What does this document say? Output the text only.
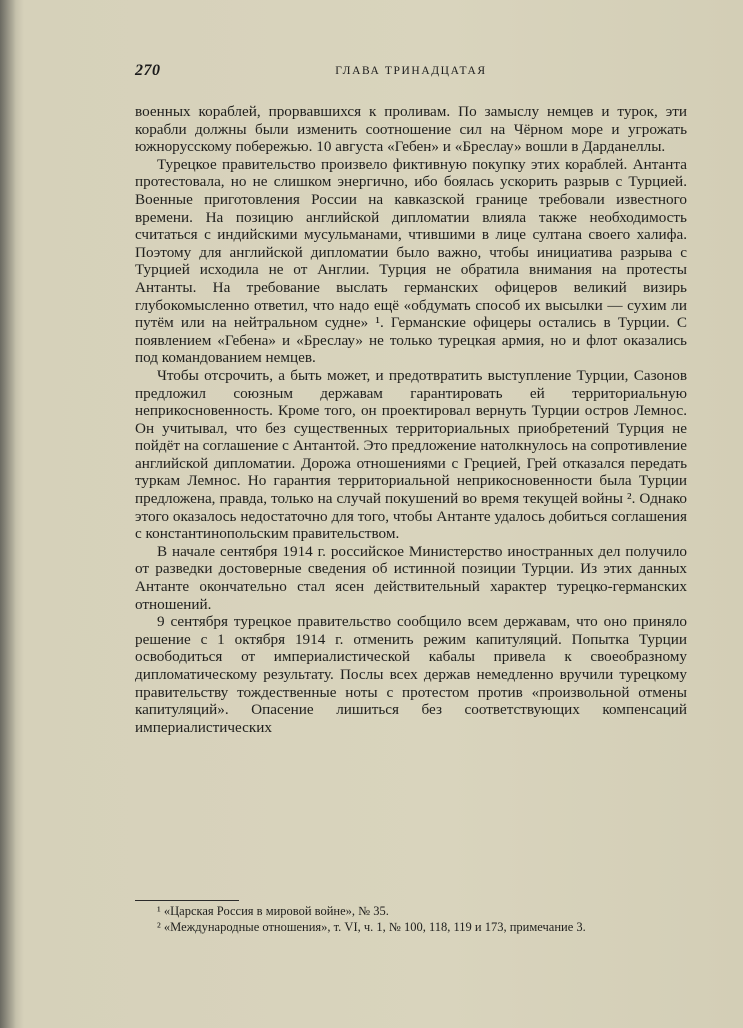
270	ГЛАВА ТРИНАДЦАТАЯ

военных кораблей, прорвавшихся к проливам. По замыслу немцев и турок, эти корабли должны были изменить соотношение сил на Чёрном море и угрожать южнорусскому побережью. 10 августа «Гебен» и «Бреслау» вошли в Дарданеллы.

Турецкое правительство произвело фиктивную покупку этих кораблей. Антанта протестовала, но не слишком энергично, ибо боялась ускорить разрыв с Турцией. Военные приготовления России на кавказской границе требовали известного времени. На позицию английской дипломатии влияла также необходимость считаться с индийскими мусульманами, чтившими в лице султана своего халифа. Поэтому для английской дипломатии было важно, чтобы инициатива разрыва с Турцией исходила не от Англии. Турция не обратила внимания на протесты Антанты. На требование выслать германских офицеров великий визирь глубокомысленно ответил, что надо ещё «обдумать способ их высылки — сухим ли путём или на нейтральном судне» ¹. Германские офицеры остались в Турции. С появлением «Гебена» и «Бреслау» не только турецкая армия, но и флот оказались под командованием немцев.

Чтобы отсрочить, а быть может, и предотвратить выступление Турции, Сазонов предложил союзным державам гарантировать ей территориальную неприкосновенность. Кроме того, он проектировал вернуть Турции остров Лемнос. Он учитывал, что без существенных территориальных приобретений Турция не пойдёт на соглашение с Антантой. Это предложение натолкнулось на сопротивление английской дипломатии. Дорожа отношениями с Грецией, Грей отказался передать туркам Лемнос. Но гарантия территориальной неприкосновенности была Турции предложена, правда, только на случай покушений во время текущей войны ². Однако этого оказалось недостаточно для того, чтобы Антанте удалось добиться соглашения с константинопольским правительством.

В начале сентября 1914 г. российское Министерство иностранных дел получило от разведки достоверные сведения об истинной позиции Турции. Из этих данных Антанте окончательно стал ясен действительный характер турецко-германских отношений.

9 сентября турецкое правительство сообщило всем державам, что оно приняло решение с 1 октября 1914 г. отменить режим капитуляций. Попытка Турции освободиться от империалистической кабалы привела к своеобразному дипломатическому результату. Послы всех держав немедленно вручили турецкому правительству тождественные ноты с протестом против «произвольной отмены капитуляций». Опасение лишиться без соответствующих компенсаций империалистических

¹ «Царская Россия в мировой войне», № 35.

² «Международные отношения», т. VI, ч. 1, № 100, 118, 119 и 173, примечание 3.
